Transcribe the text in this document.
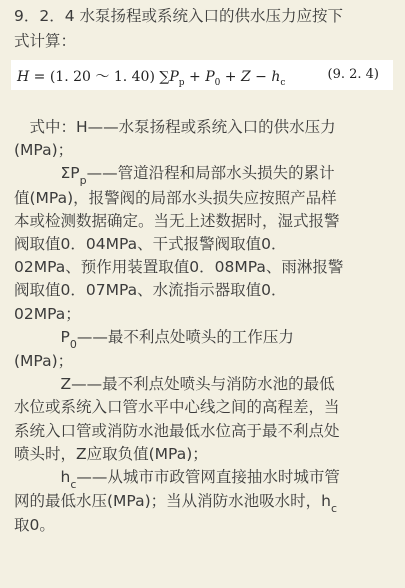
9．2．4 水泵扬程或系统入口的供水压力应按下
式计算：
H = (1. 20 ～ 1. 40) $\sum P_p + P_0 + Z - h_c$
(9. 2. 4)
　式中：H——水泵扬程或系统入口的供水压力
(MPa)；
　　　$\Sigma P_p——$管道沿程和局部水头损失的累计
值(MPa)，报警阀的局部水头损失应按照产品样
本或检测数据确定。当无上述数据时，湿式报警
阀取值0．04MPa、干式报警阀取值0．
02MPa、预作用装置取值0．08MPa、雨淋报警
阀取值0．07MPa、水流指示器取值0．
02MPa；
　　　$P_0——$最不利点处喷头的工作压力
(MPa)；
　　　Z——最不利点处喷头与消防水池的最低
水位或系统入口管水平中心线之间的高程差，当
系统入口管或消防水池最低水位高于最不利点处
喷头时，Z应取负值(MPa)；
　　　$h_c——$从城市市政管网直接抽水时城市管
网的最低水压(MPa)；当从消防水池吸水时，$h_c$
取0。
